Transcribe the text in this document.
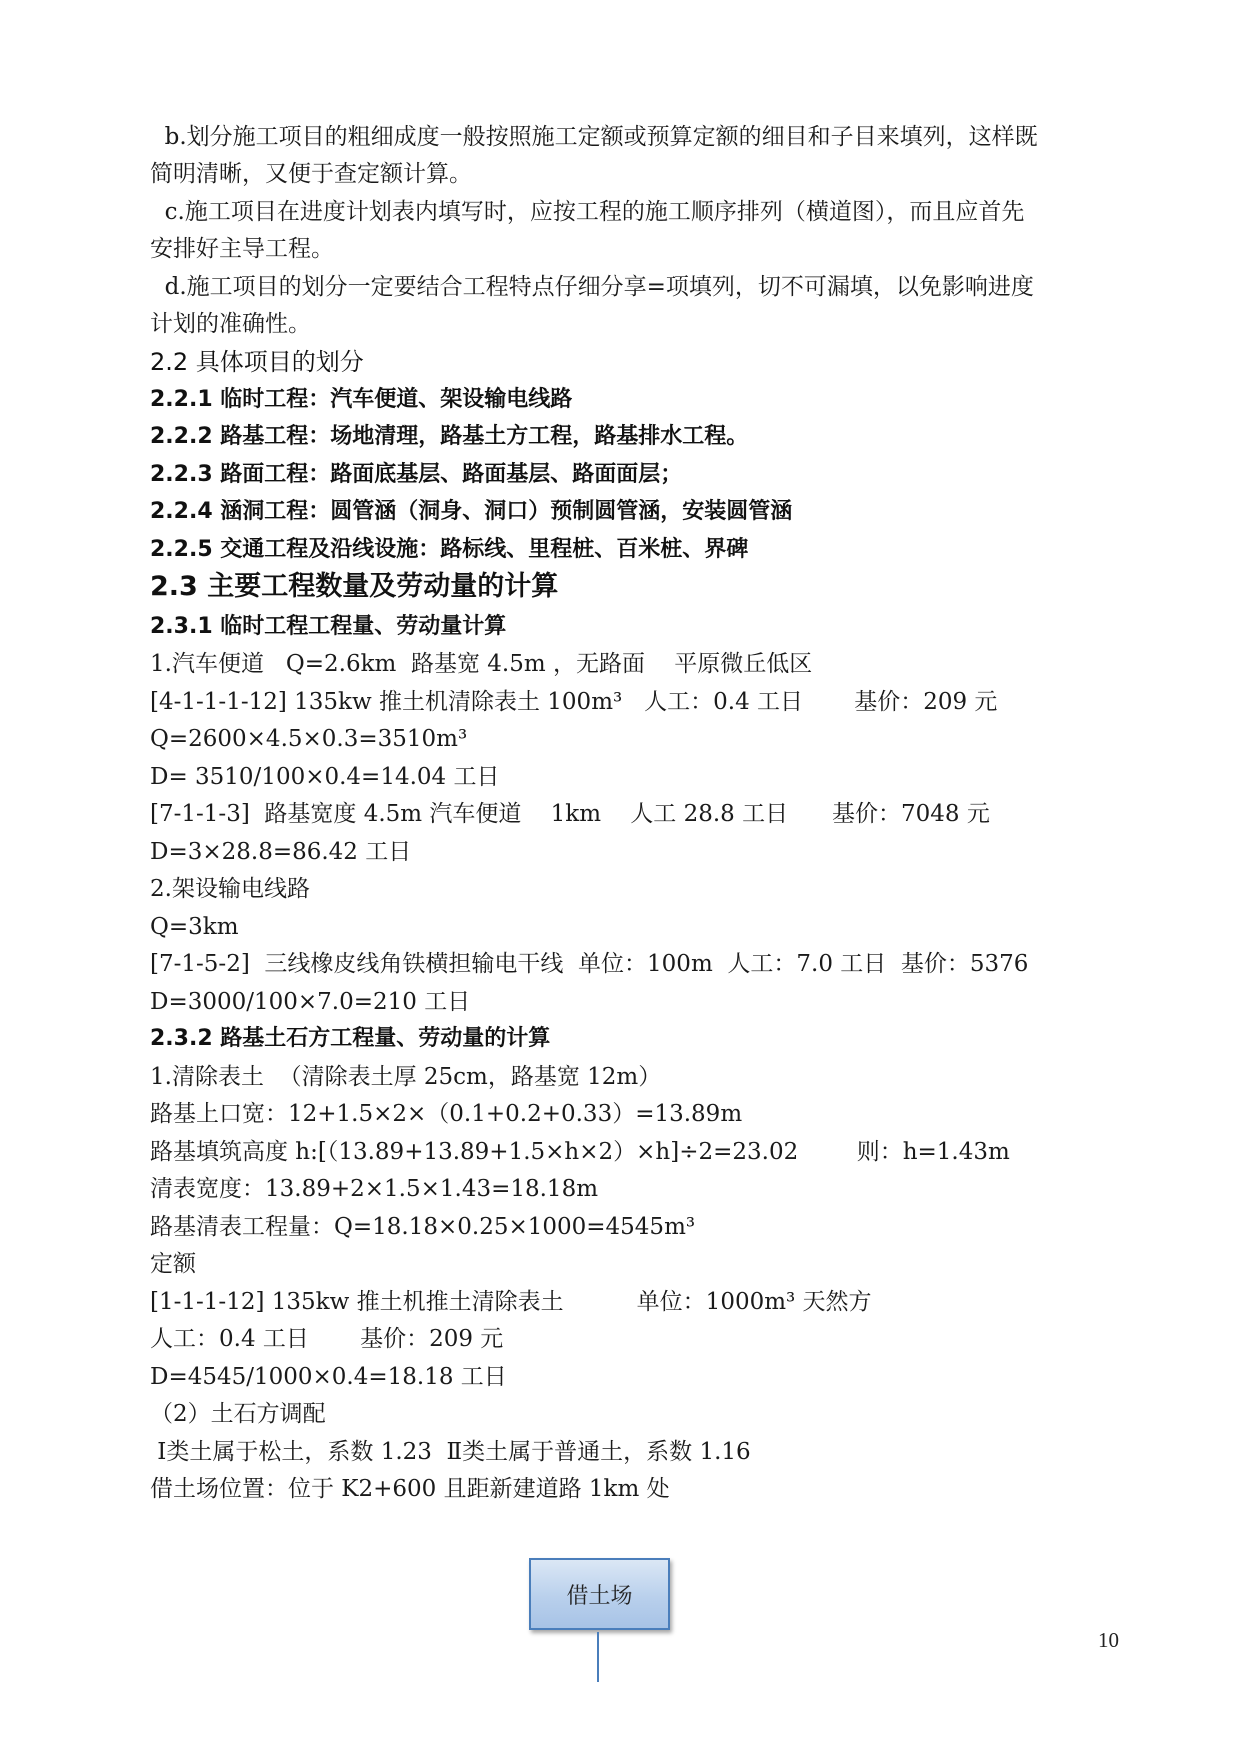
b.划分施工项目的粗细成度一般按照施工定额或预算定额的细目和子目来填列，这样既
简明清晰，又便于查定额计算。
c.施工项目在进度计划表内填写时，应按工程的施工顺序排列（横道图），而且应首先
安排好主导工程。
d.施工项目的划分一定要结合工程特点仔细分享=项填列，切不可漏填，以免影响进度
计划的准确性。
2.2 具体项目的划分
2.2.1 临时工程：汽车便道、架设输电线路
2.2.2 路基工程：场地清理，路基土方工程，路基排水工程。
2.2.3 路面工程：路面底基层、路面基层、路面面层；
2.2.4 涵洞工程：圆管涵（洞身、洞口）预制圆管涵，安装圆管涵
2.2.5 交通工程及沿线设施：路标线、里程桩、百米桩、界碑
2.3 主要工程数量及劳动量的计算
2.3.1 临时工程工程量、劳动量计算
1.汽车便道   Q=2.6km  路基宽 4.5m ，无路面    平原微丘低区
[4-1-1-1-12] 135kw 推土机清除表土 100m³   人工：0.4 工日       基价：209 元
Q=2600×4.5×0.3=3510m³
D= 3510/100×0.4=14.04 工日
[7-1-1-3]  路基宽度 4.5m 汽车便道    1km    人工 28.8 工日      基价：7048 元
D=3×28.8=86.42 工日
2.架设输电线路
Q=3km
[7-1-5-2]  三线橡皮线角铁横担输电干线  单位：100m  人工：7.0 工日  基价：5376
D=3000/100×7.0=210 工日
2.3.2 路基土石方工程量、劳动量的计算
1.清除表土  （清除表土厚 25cm，路基宽 12m）
路基上口宽：12+1.5×2×（0.1+0.2+0.33）=13.89m
路基填筑高度 h:[（13.89+13.89+1.5×h×2）×h]÷2=23.02        则：h=1.43m
清表宽度：13.89+2×1.5×1.43=18.18m
路基清表工程量：Q=18.18×0.25×1000=4545m³
定额
[1-1-1-12] 135kw 推土机推土清除表土          单位：1000m³ 天然方
人工：0.4 工日       基价：209 元
D=4545/1000×0.4=18.18 工日
（2）土石方调配
Ⅰ类土属于松土，系数 1.23  Ⅱ类土属于普通土，系数 1.16
借土场位置：位于 K2+600 且距新建道路 1km 处
借土场
10
